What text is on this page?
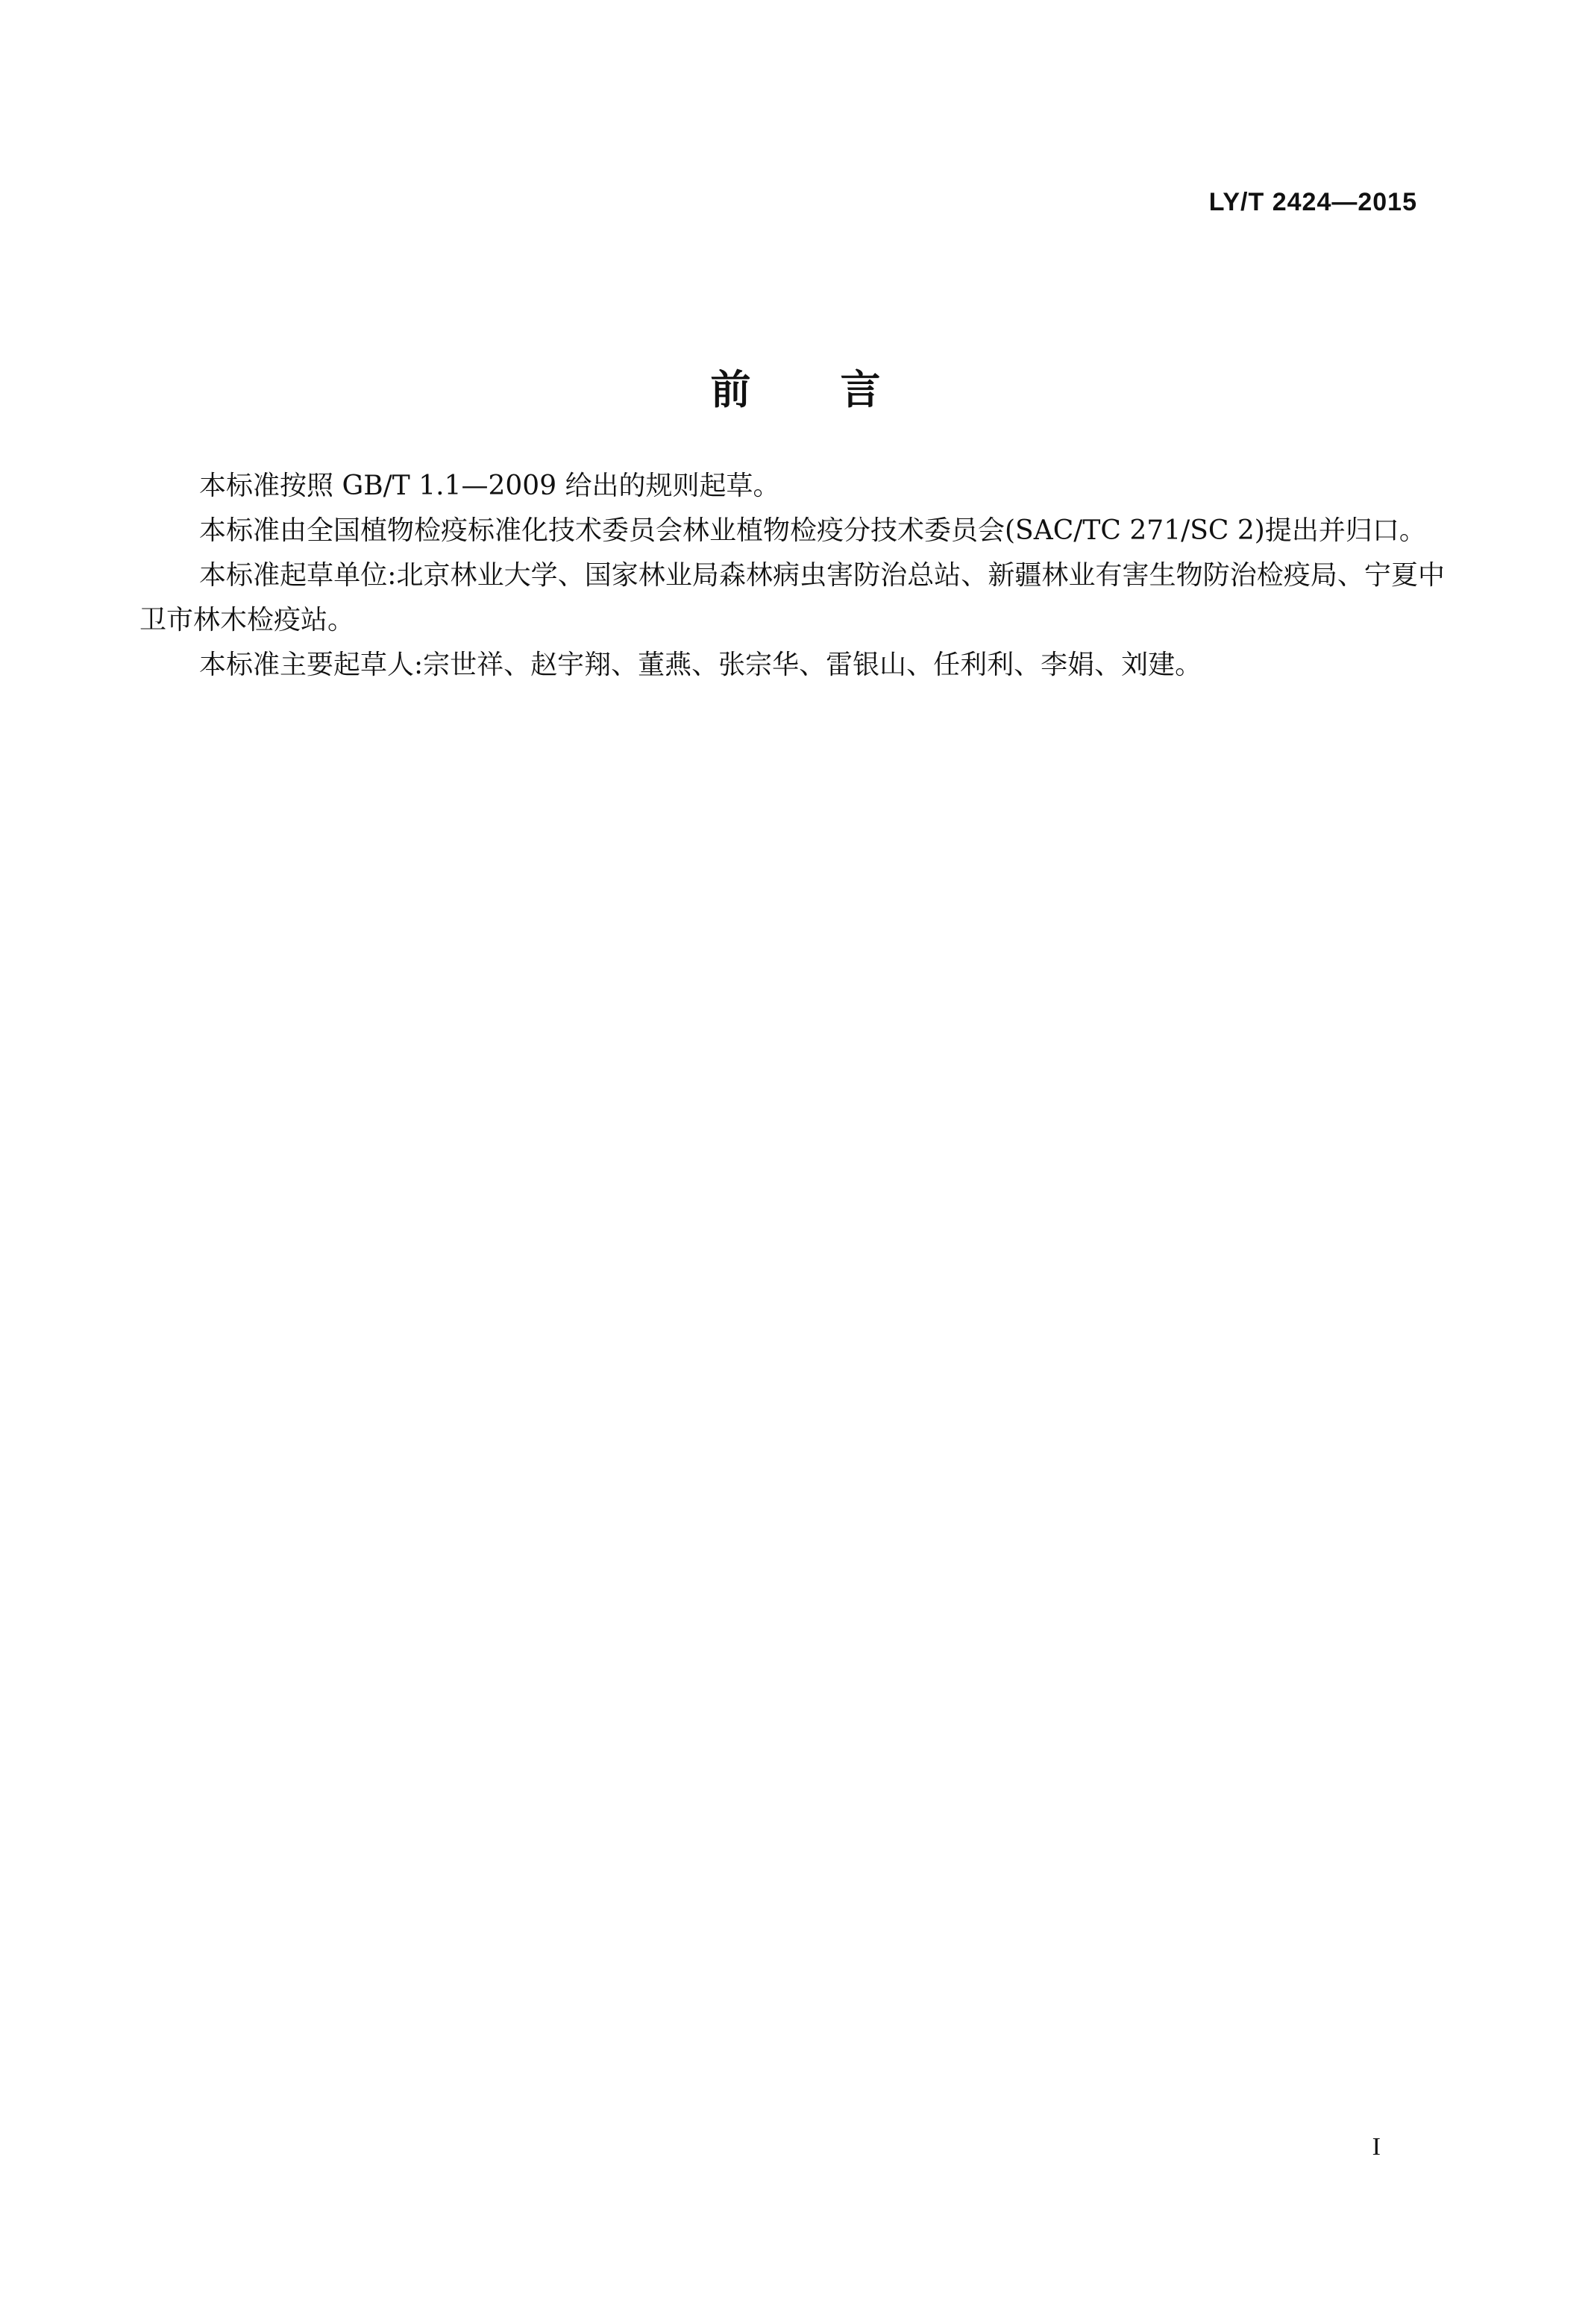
LY/T 2424—2015
前言

本标准按照 GB/T 1.1—2009 给出的规则起草。

本标准由全国植物检疫标准化技术委员会林业植物检疫分技术委员会(SAC/TC 271/SC 2)提出并归口。

本标准起草单位:北京林业大学、国家林业局森林病虫害防治总站、新疆林业有害生物防治检疫局、宁夏中卫市林木检疫站。

本标准主要起草人:宗世祥、赵宇翔、董燕、张宗华、雷银山、任利利、李娟、刘建。

I
